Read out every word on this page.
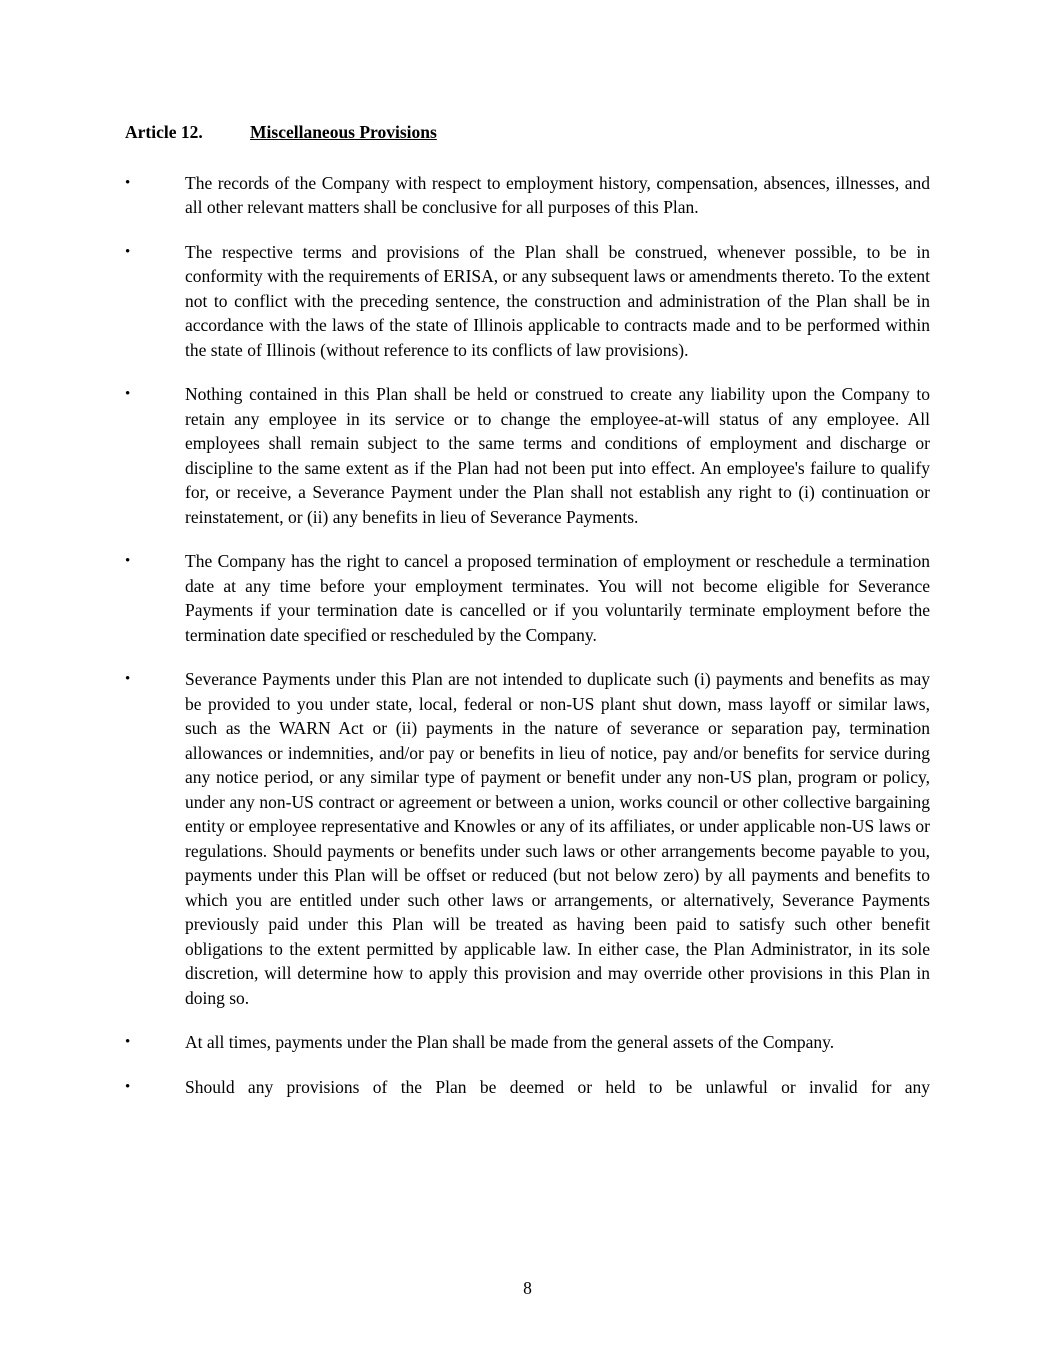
Article 12.	Miscellaneous Provisions
•	The records of the Company with respect to employment history, compensation, absences, illnesses, and all other relevant matters shall be conclusive for all purposes of this Plan.

•	The respective terms and provisions of the Plan shall be construed, whenever possible, to be in conformity with the requirements of ERISA, or any subsequent laws or amendments thereto. To the extent not to conflict with the preceding sentence, the construction and administration of the Plan shall be in accordance with the laws of the state of Illinois applicable to contracts made and to be performed within the state of Illinois (without reference to its conflicts of law provisions).

•	Nothing contained in this Plan shall be held or construed to create any liability upon the Company to retain any employee in its service or to change the employee-at-will status of any employee. All employees shall remain subject to the same terms and conditions of employment and discharge or discipline to the same extent as if the Plan had not been put into effect. An employee's failure to qualify for, or receive, a Severance Payment under the Plan shall not establish any right to (i) continuation or reinstatement, or (ii) any benefits in lieu of Severance Payments.

•	The Company has the right to cancel a proposed termination of employment or reschedule a termination date at any time before your employment terminates. You will not become eligible for Severance Payments if your termination date is cancelled or if you voluntarily terminate employment before the termination date specified or rescheduled by the Company.

•	Severance Payments under this Plan are not intended to duplicate such (i) payments and benefits as may be provided to you under state, local, federal or non-US plant shut down, mass layoff or similar laws, such as the WARN Act or (ii) payments in the nature of severance or separation pay, termination allowances or indemnities, and/or pay or benefits in lieu of notice, pay and/or benefits for service during any notice period, or any similar type of payment or benefit under any non-US plan, program or policy, under any non-US contract or agreement or between a union, works council or other collective bargaining entity or employee representative and Knowles or any of its affiliates, or under applicable non-US laws or regulations. Should payments or benefits under such laws or other arrangements become payable to you, payments under this Plan will be offset or reduced (but not below zero) by all payments and benefits to which you are entitled under such other laws or arrangements, or alternatively, Severance Payments previously paid under this Plan will be treated as having been paid to satisfy such other benefit obligations to the extent permitted by applicable law. In either case, the Plan Administrator, in its sole discretion, will determine how to apply this provision and may override other provisions in this Plan in doing so.

•	At all times, payments under the Plan shall be made from the general assets of the Company.

•	Should any provisions of the Plan be deemed or held to be unlawful or invalid for any

8
